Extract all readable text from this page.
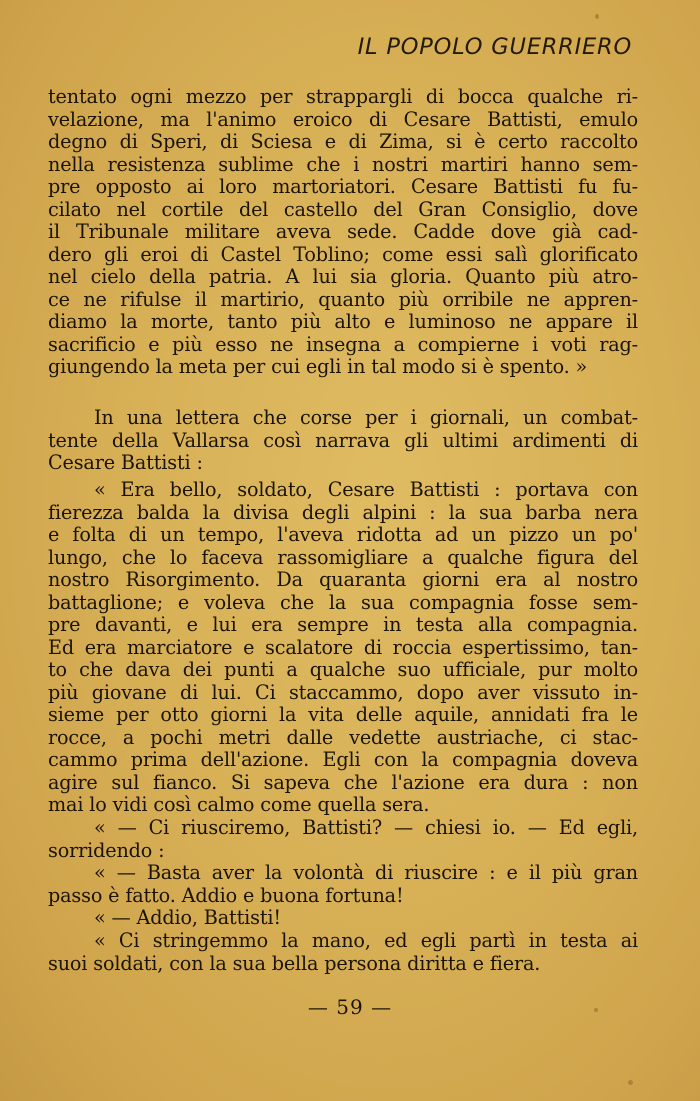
IL POPOLO GUERRIERO
tentato ogni mezzo per strappargli di bocca qualche ri-
velazione, ma l'animo eroico di Cesare Battisti, emulo
degno di Speri, di Sciesa e di Zima, si è certo raccolto
nella resistenza sublime che i nostri martiri hanno sem-
pre opposto ai loro martoriatori. Cesare Battisti fu fu-
cilato nel cortile del castello del Gran Consiglio, dove
il Tribunale militare aveva sede. Cadde dove già cad-
dero gli eroi di Castel Toblino; come essi salì glorificato
nel cielo della patria. A lui sia gloria. Quanto più atro-
ce ne rifulse il martirio, quanto più orribile ne appren-
diamo la morte, tanto più alto e luminoso ne appare il
sacrificio e più esso ne insegna a compierne i voti rag-
giungendo la meta per cui egli in tal modo si è spento. »
In una lettera che corse per i giornali, un combat-
tente della Vallarsa così narrava gli ultimi ardimenti di
Cesare Battisti :
« Era bello, soldato, Cesare Battisti : portava con
fierezza balda la divisa degli alpini : la sua barba nera
e folta di un tempo, l'aveva ridotta ad un pizzo un po'
lungo, che lo faceva rassomigliare a qualche figura del
nostro Risorgimento. Da quaranta giorni era al nostro
battaglione; e voleva che la sua compagnia fosse sem-
pre davanti, e lui era sempre in testa alla compagnia.
Ed era marciatore e scalatore di roccia espertissimo, tan-
to che dava dei punti a qualche suo ufficiale, pur molto
più giovane di lui. Ci staccammo, dopo aver vissuto in-
sieme per otto giorni la vita delle aquile, annidati fra le
rocce, a pochi metri dalle vedette austriache, ci stac-
cammo prima dell'azione. Egli con la compagnia doveva
agire sul fianco. Si sapeva che l'azione era dura : non
mai lo vidi così calmo come quella sera.
« — Ci riusciremo, Battisti? — chiesi io. — Ed egli,
sorridendo :
« — Basta aver la volontà di riuscire : e il più gran
passo è fatto. Addio e buona fortuna!
« — Addio, Battisti!
« Ci stringemmo la mano, ed egli partì in testa ai
suoi soldati, con la sua bella persona diritta e fiera.
— 59 —
